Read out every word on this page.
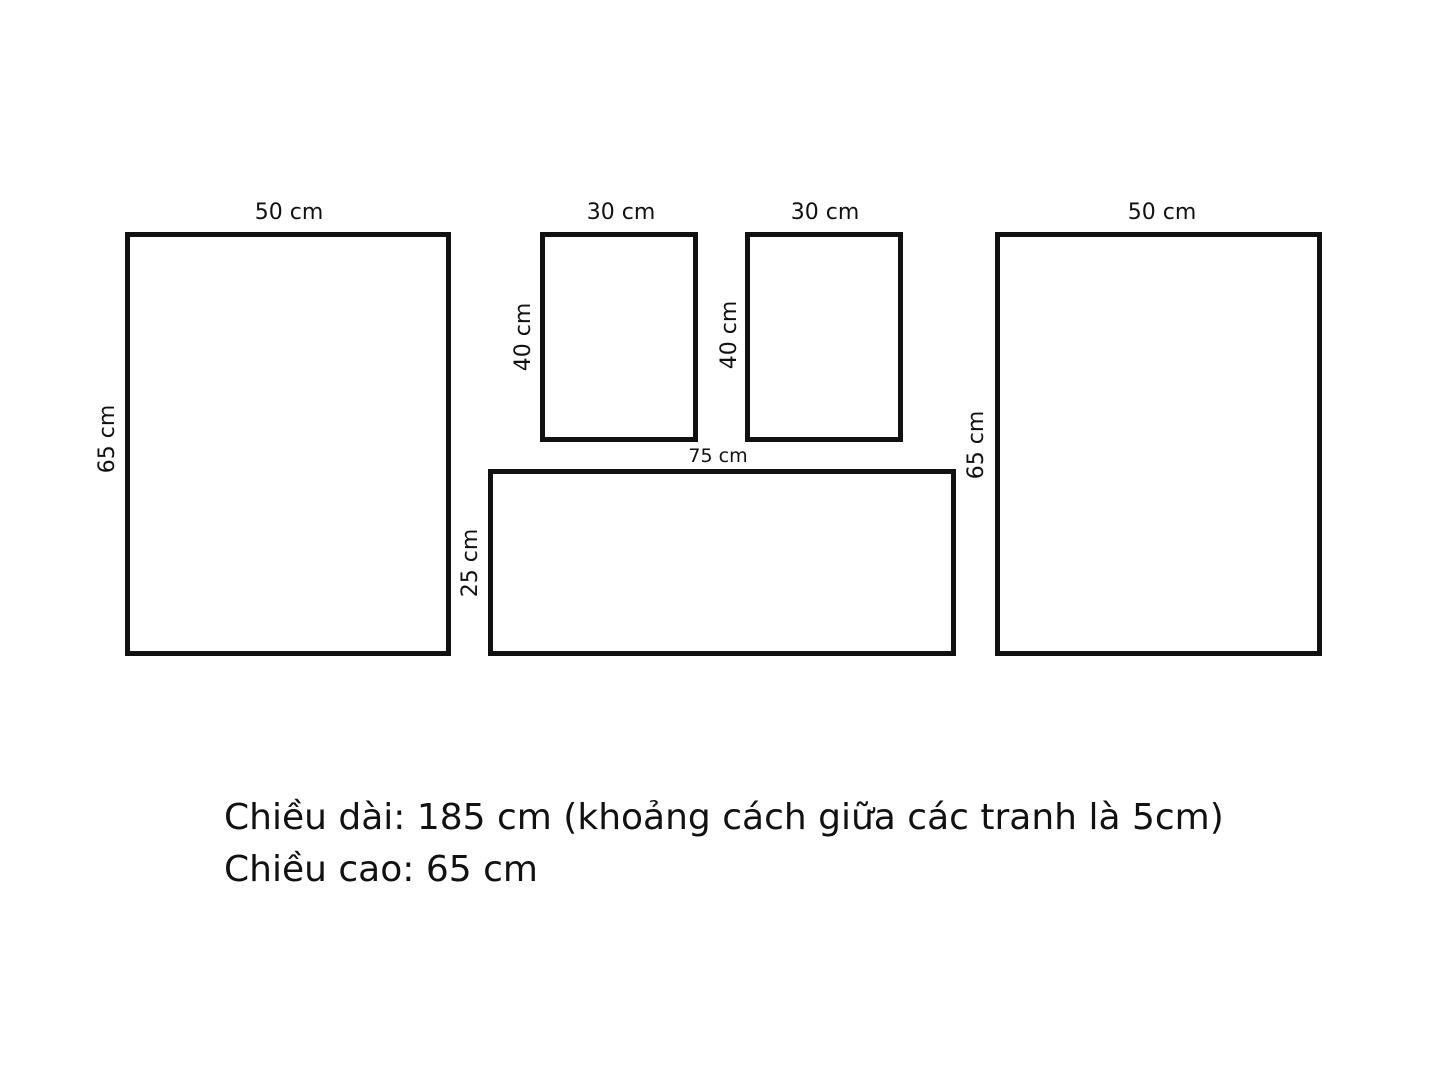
50 cm
65 cm
30 cm
40 cm
30 cm
40 cm
75 cm
25 cm
50 cm
65 cm
Chiều dài: 185 cm (khoảng cách giữa các tranh là 5cm)
Chiều cao: 65 cm
